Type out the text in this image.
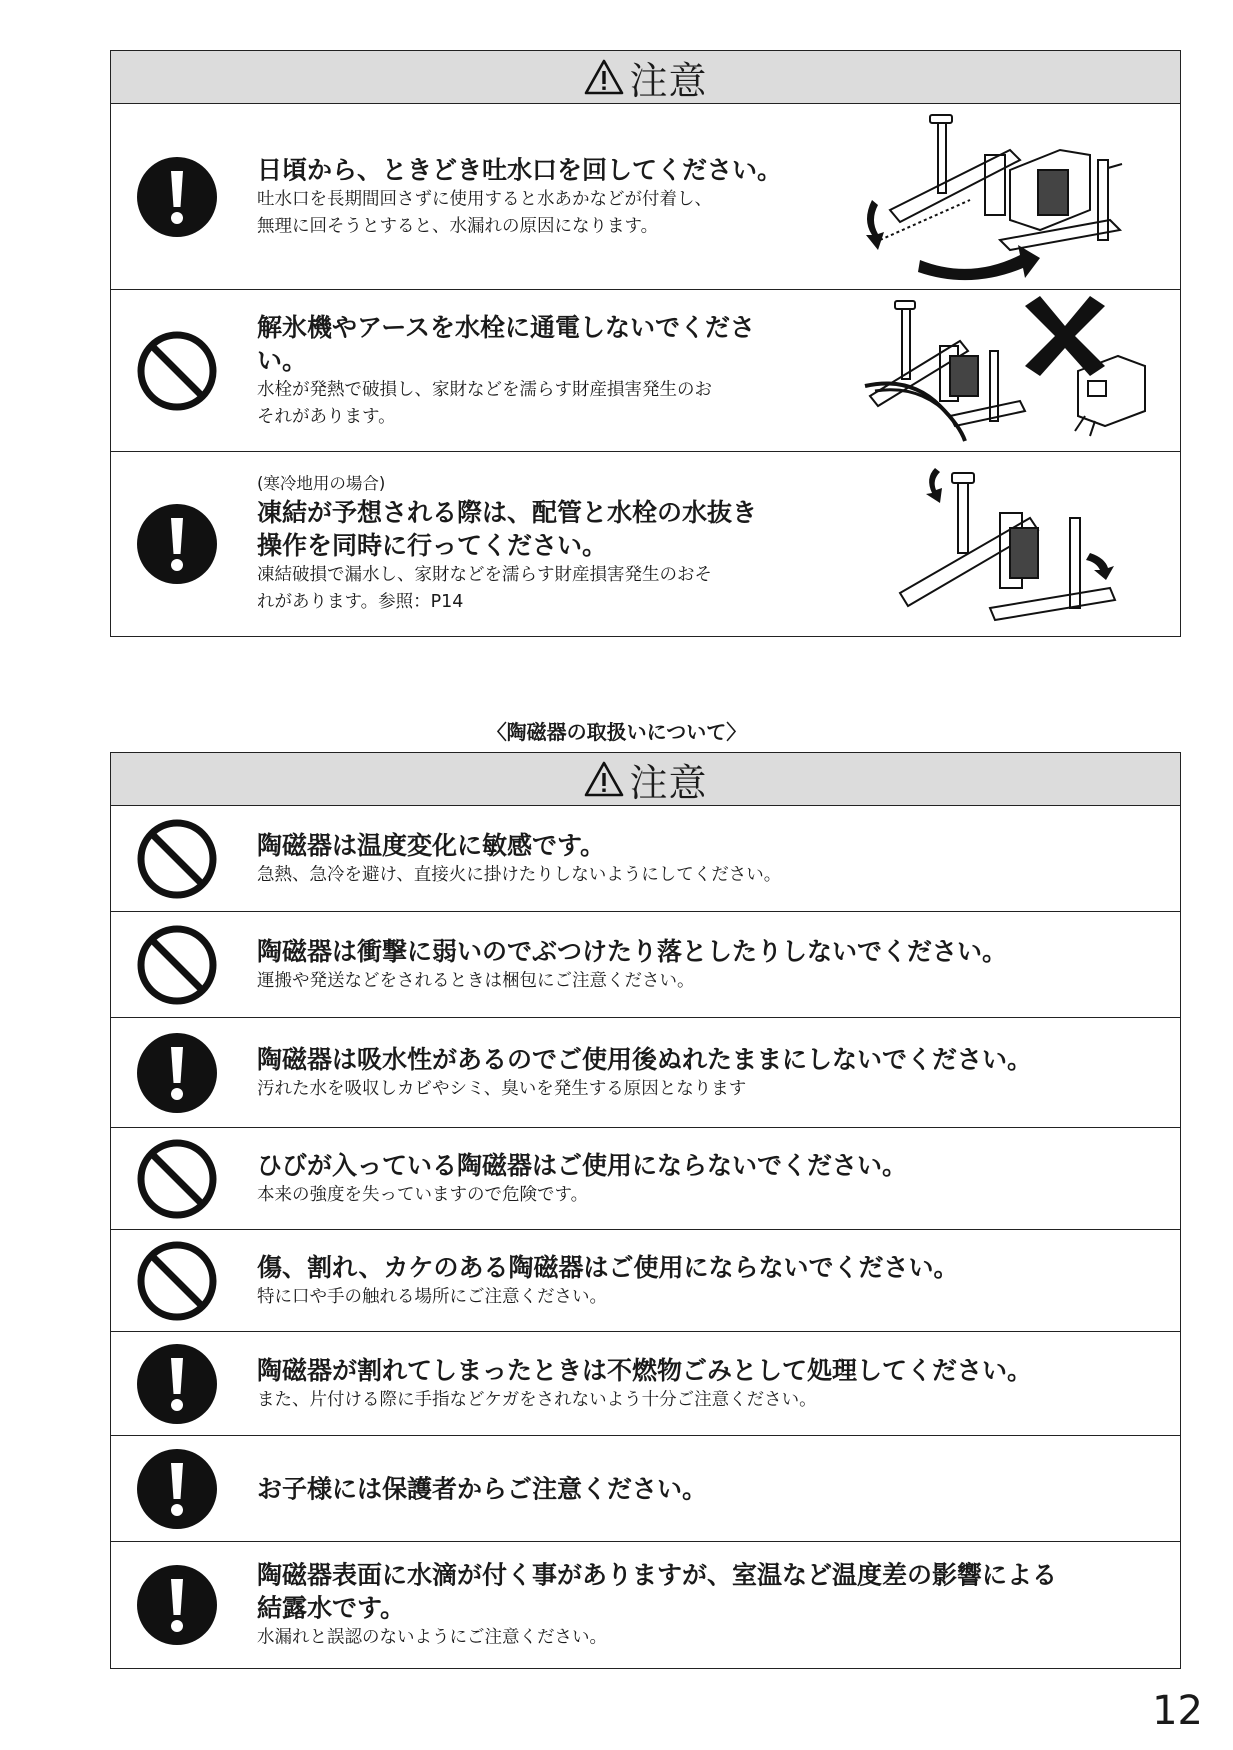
注意
日頃から、ときどき吐水口を回してください。
吐水口を長期間回さずに使用すると水あかなどが付着し、
無理に回そうとすると、水漏れの原因になります。
解氷機やアースを水栓に通電しないでくださ
い。
水栓が発熱で破損し、家財などを濡らす財産損害発生のお
それがあります。
(寒冷地用の場合)
凍結が予想される際は、配管と水栓の水抜き
操作を同時に行ってください。
凍結破損で漏水し、家財などを濡らす財産損害発生のおそ
れがあります。参照：P14
〈陶磁器の取扱いについて〉
注意
陶磁器は温度変化に敏感です。
急熱、急冷を避け、直接火に掛けたりしないようにしてください。
陶磁器は衝撃に弱いのでぶつけたり落としたりしないでください。
運搬や発送などをされるときは梱包にご注意ください。
陶磁器は吸水性があるのでご使用後ぬれたままにしないでください。
汚れた水を吸収しカビやシミ、臭いを発生する原因となります
ひびが入っている陶磁器はご使用にならないでください。
本来の強度を失っていますので危険です。
傷、割れ、カケのある陶磁器はご使用にならないでください。
特に口や手の触れる場所にご注意ください。
陶磁器が割れてしまったときは不燃物ごみとして処理してください。
また、片付ける際に手指などケガをされないよう十分ご注意ください。
お子様には保護者からご注意ください。
陶磁器表面に水滴が付く事がありますが、室温など温度差の影響による
結露水です。
水漏れと誤認のないようにご注意ください。
12
